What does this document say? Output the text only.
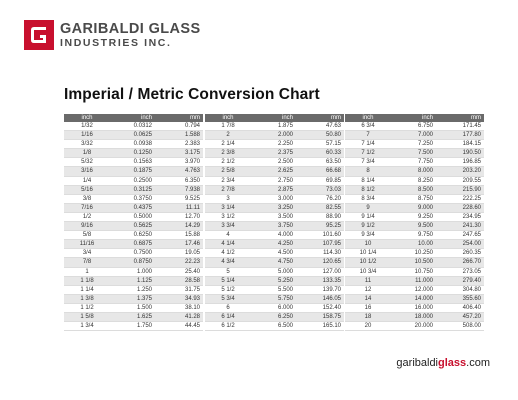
GARIBALDI GLASS
INDUSTRIES INC.
Imperial / Metric Conversion Chart
inch	inch	mm
1/32	0.0312	0.794
1/16	0.0625	1.588
3/32	0.0938	2.383
1/8	0.1250	3.175
5/32	0.1563	3.970
3/16	0.1875	4.763
1/4	0.2500	6.350
5/16	0.3125	7.938
3/8	0.3750	9.525
7/16	0.4375	11.11
1/2	0.5000	12.70
9/16	0.5625	14.29
5/8	0.6250	15.88
11/16	0.6875	17.46
3/4	0.7500	19.05
7/8	0.8750	22.23
1	1.000	25.40
1 1/8	1.125	28.58
1 1/4	1.250	31.75
1 3/8	1.375	34.93
1 1/2	1.500	38.10
1 5/8	1.625	41.28
1 3/4	1.750	44.45
inch	inch	mm
1 7/8	1.875	47.63
2	2.000	50.80
2 1/4	2.250	57.15
2 3/8	2.375	60.33
2 1/2	2.500	63.50
2 5/8	2.625	66.68
2 3/4	2.750	69.85
2 7/8	2.875	73.03
3	3.000	76.20
3 1/4	3.250	82.55
3 1/2	3.500	88.90
3 3/4	3.750	95.25
4	4.000	101.60
4 1/4	4.250	107.95
4 1/2	4.500	114.30
4 3/4	4.750	120.65
5	5.000	127.00
5 1/4	5.250	133.35
5 1/2	5.500	139.70
5 3/4	5.750	146.05
6	6.000	152.40
6 1/4	6.250	158.75
6 1/2	6.500	165.10
inch	inch	mm
6 3/4	6.750	171.45
7	7.000	177.80
7 1/4	7.250	184.15
7 1/2	7.500	190.50
7 3/4	7.750	196.85
8	8.000	203.20
8 1/4	8.250	209.55
8 1/2	8.500	215.90
8 3/4	8.750	222.25
9	9.000	228.60
9 1/4	9.250	234.95
9 1/2	9.500	241.30
9 3/4	9.750	247.65
10	10.00	254.00
10 1/4	10.250	260.35
10 1/2	10.500	266.70
10 3/4	10.750	273.05
11	11.000	279.40
12	12.000	304.80
14	14.000	355.60
16	16.000	406.40
18	18.000	457.20
20	20.000	508.00
garibaldiglass.com
